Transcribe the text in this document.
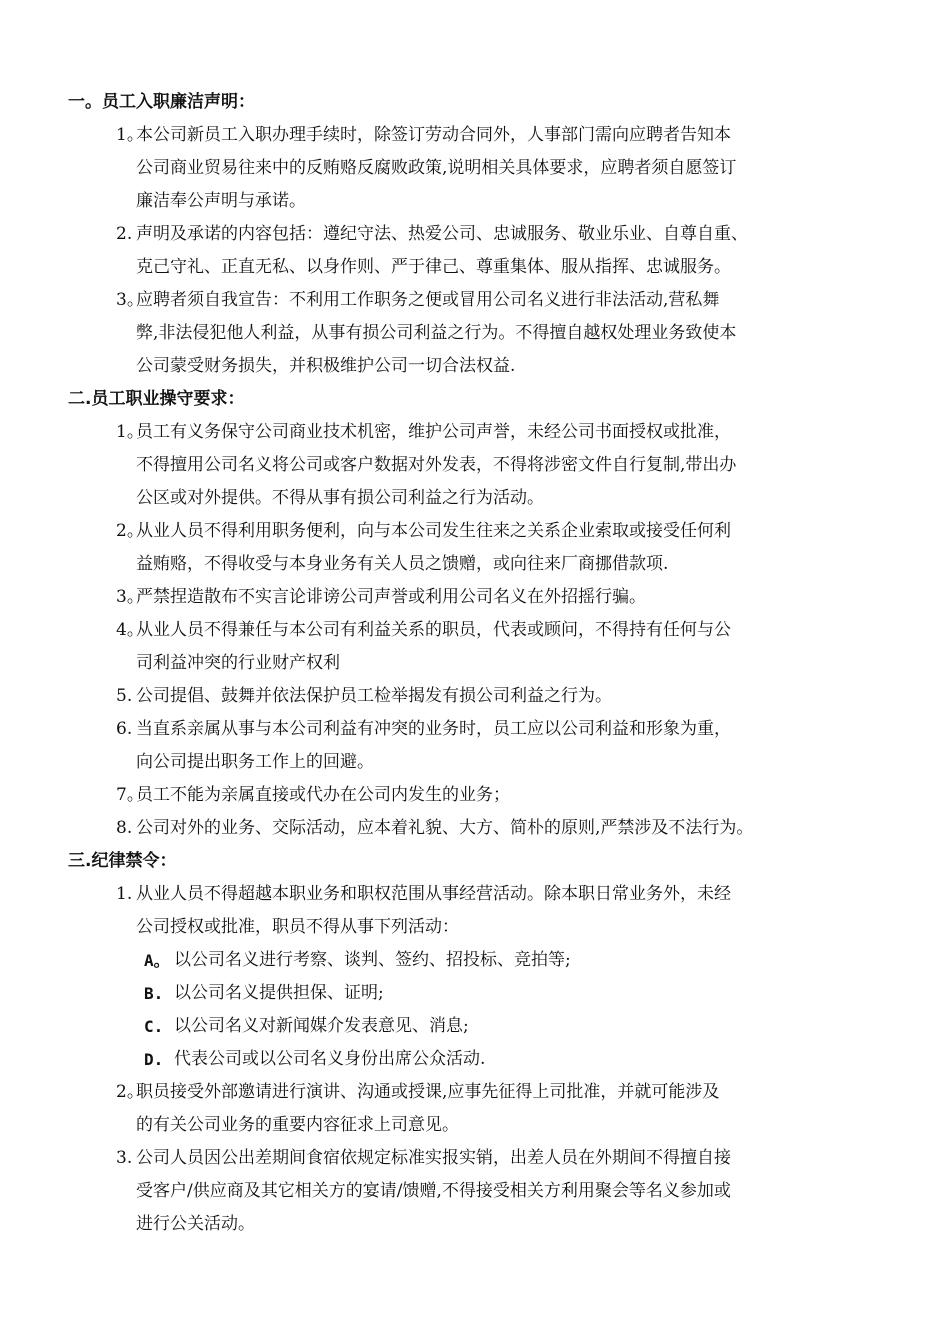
一。员工入职廉洁声明：
1。
本公司新员工入职办理手续时，除签订劳动合同外，人事部门需向应聘者告知本
公司商业贸易往来中的反贿赂反腐败政策,说明相关具体要求，应聘者须自愿签订
廉洁奉公声明与承诺。
2. 声明及承诺的内容包括：遵纪守法、热爱公司、忠诚服务、敬业乐业、自尊自重、
克己守礼、正直无私、以身作则、严于律己、尊重集体、服从指挥、忠诚服务。
3。
应聘者须自我宣告：不利用工作职务之便或冒用公司名义进行非法活动,营私舞
弊,非法侵犯他人利益，从事有损公司利益之行为。不得擅自越权处理业务致使本
公司蒙受财务损失，并积极维护公司一切合法权益.
二.员工职业操守要求：
1。
员工有义务保守公司商业技术机密，维护公司声誉，未经公司书面授权或批准，
不得擅用公司名义将公司或客户数据对外发表，不得将涉密文件自行复制,带出办
公区或对外提供。不得从事有损公司利益之行为活动。
2。
从业人员不得利用职务便利，向与本公司发生往来之关系企业索取或接受任何利
益贿赂，不得收受与本身业务有关人员之馈赠，或向往来厂商挪借款项.
3。
严禁捏造散布不实言论诽谤公司声誉或利用公司名义在外招摇行骗。
4。
从业人员不得兼任与本公司有利益关系的职员，代表或顾问，不得持有任何与公
司利益冲突的行业财产权利
5. 公司提倡、鼓舞并依法保护员工检举揭发有损公司利益之行为。
6. 当直系亲属从事与本公司利益有冲突的业务时，员工应以公司利益和形象为重，
向公司提出职务工作上的回避。
7。
员工不能为亲属直接或代办在公司内发生的业务；
8. 公司对外的业务、交际活动，应本着礼貌、大方、简朴的原则,严禁涉及不法行为。
三.纪律禁令：
1. 从业人员不得超越本职业务和职权范围从事经营活动。除本职日常业务外，未经
公司授权或批准，职员不得从事下列活动：
A。 以公司名义进行考察、谈判、签约、招投标、竞拍等;
B. 以公司名义提供担保、证明;
C. 以公司名义对新闻媒介发表意见、消息;
D. 代表公司或以公司名义身份出席公众活动.
2。
职员接受外部邀请进行演讲、沟通或授课,应事先征得上司批准，并就可能涉及
的有关公司业务的重要内容征求上司意见。
3. 公司人员因公出差期间食宿依规定标准实报实销，出差人员在外期间不得擅自接
受客户/供应商及其它相关方的宴请/馈赠,不得接受相关方利用聚会等名义参加或
进行公关活动。
